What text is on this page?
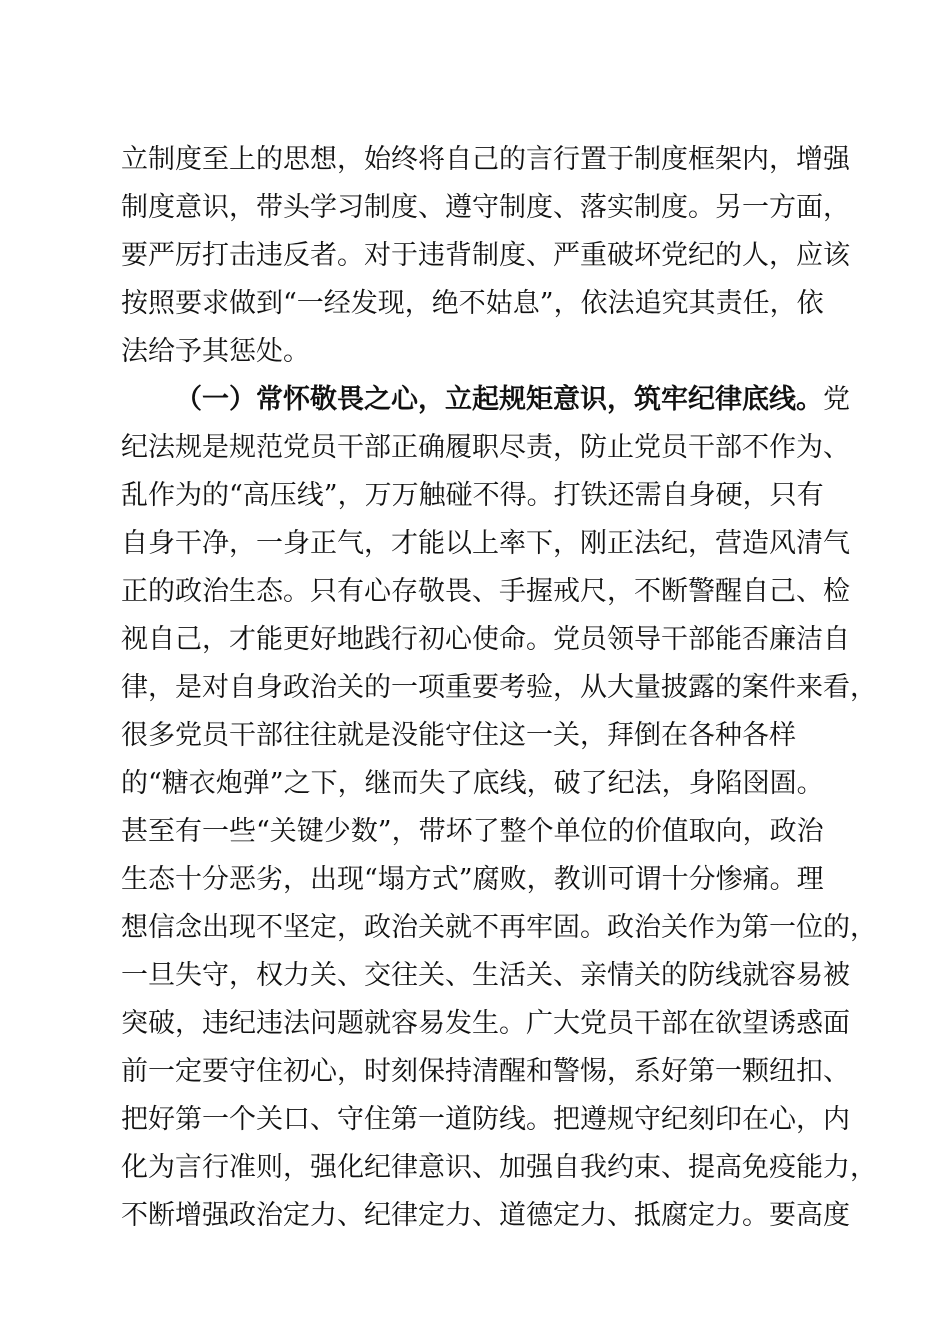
立制度至上的思想，始终将自己的言行置于制度框架内，增强
制度意识，带头学习制度、遵守制度、落实制度。另一方面，
要严厉打击违反者。对于违背制度、严重破坏党纪的人，应该
按照要求做到“一经发现，绝不姑息”，依法追究其责任，依
法给予其惩处。
（一）常怀敬畏之心，立起规矩意识，筑牢纪律底线。党
纪法规是规范党员干部正确履职尽责，防止党员干部不作为、
乱作为的“高压线”，万万触碰不得。打铁还需自身硬，只有
自身干净，一身正气，才能以上率下，刚正法纪，营造风清气
正的政治生态。只有心存敬畏、手握戒尺，不断警醒自己、检
视自己，才能更好地践行初心使命。党员领导干部能否廉洁自
律，是对自身政治关的一项重要考验，从大量披露的案件来看，
很多党员干部往往就是没能守住这一关，拜倒在各种各样
的“糖衣炮弹”之下，继而失了底线，破了纪法，身陷囹圄。
甚至有一些“关键少数”，带坏了整个单位的价值取向，政治
生态十分恶劣，出现“塌方式”腐败，教训可谓十分惨痛。理
想信念出现不坚定，政治关就不再牢固。政治关作为第一位的，
一旦失守，权力关、交往关、生活关、亲情关的防线就容易被
突破，违纪违法问题就容易发生。广大党员干部在欲望诱惑面
前一定要守住初心，时刻保持清醒和警惕，系好第一颗纽扣、
把好第一个关口、守住第一道防线。把遵规守纪刻印在心，内
化为言行准则，强化纪律意识、加强自我约束、提高免疫能力，
不断增强政治定力、纪律定力、道德定力、抵腐定力。要高度
